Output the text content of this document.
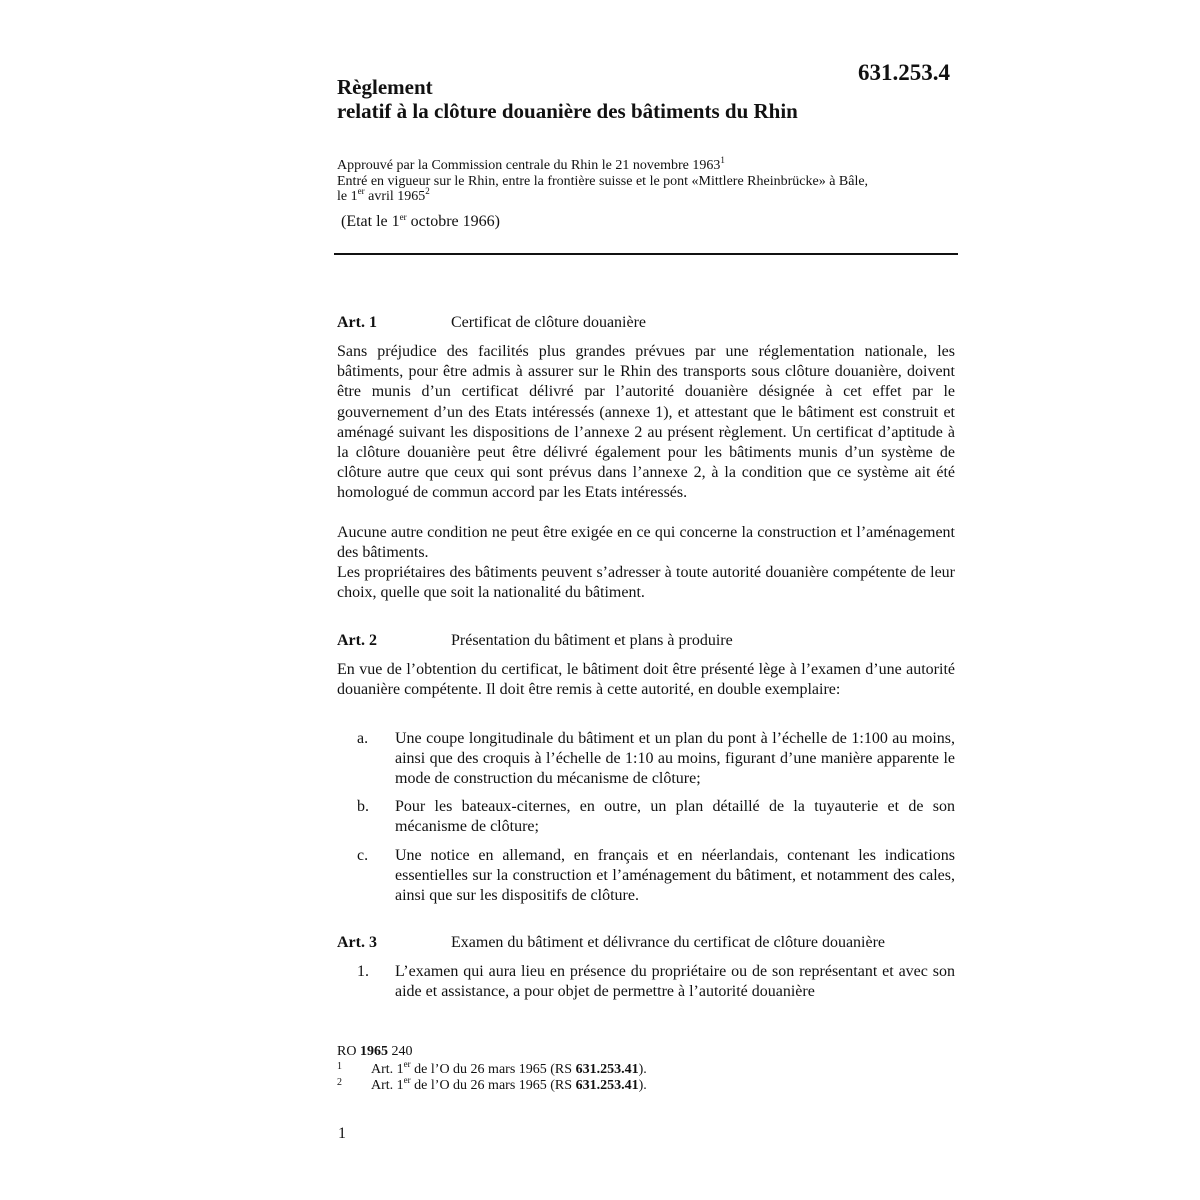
631.253.4
Règlement
relatif à la clôture douanière des bâtiments du Rhin
Approuvé par la Commission centrale du Rhin le 21 novembre 1963$^1$
Entré en vigueur sur le Rhin, entre la frontière suisse et le pont «Mittlere Rheinbrücke» à Bâle,
le 1er avril 1965$^2$
(Etat le 1er octobre 1966)
Art. 1	Certificat de clôture douanière
Sans préjudice des facilités plus grandes prévues par une réglementation nationale, les bâtiments, pour être admis à assurer sur le Rhin des transports sous clôture douanière, doivent être munis d’un certificat délivré par l’autorité douanière désignée à cet effet par le gouvernement d’un des Etats intéressés (annexe 1), et attestant que le bâtiment est construit et aménagé suivant les dispositions de l’annexe 2 au présent règlement. Un certificat d’aptitude à la clôture douanière peut être délivré également pour les bâtiments munis d’un système de clôture autre que ceux qui sont prévus dans l’annexe 2, à la condition que ce système ait été homologué de commun accord par les Etats intéressés.
Aucune autre condition ne peut être exigée en ce qui concerne la construction et l’aménagement des bâtiments.
Les propriétaires des bâtiments peuvent s’adresser à toute autorité douanière compétente de leur choix, quelle que soit la nationalité du bâtiment.
Art. 2	Présentation du bâtiment et plans à produire
En vue de l’obtention du certificat, le bâtiment doit être présenté lège à l’examen d’une autorité douanière compétente. Il doit être remis à cette autorité, en double exemplaire:
a. Une coupe longitudinale du bâtiment et un plan du pont à l’échelle de 1:100 au moins, ainsi que des croquis à l’échelle de 1:10 au moins, figurant d’une manière apparente le mode de construction du mécanisme de clôture;
b. Pour les bateaux-citernes, en outre, un plan détaillé de la tuyauterie et de son mécanisme de clôture;
c. Une notice en allemand, en français et en néerlandais, contenant les indications essentielles sur la construction et l’aménagement du bâtiment, et notamment des cales, ainsi que sur les dispositifs de clôture.
Art. 3	Examen du bâtiment et délivrance du certificat de clôture douanière
1. L’examen qui aura lieu en présence du propriétaire ou de son représentant et avec son aide et assistance, a pour objet de permettre à l’autorité douanière
RO 1965 240
1 Art. 1er de l’O du 26 mars 1965 (RS 631.253.41).
2 Art. 1er de l’O du 26 mars 1965 (RS 631.253.41).
1
